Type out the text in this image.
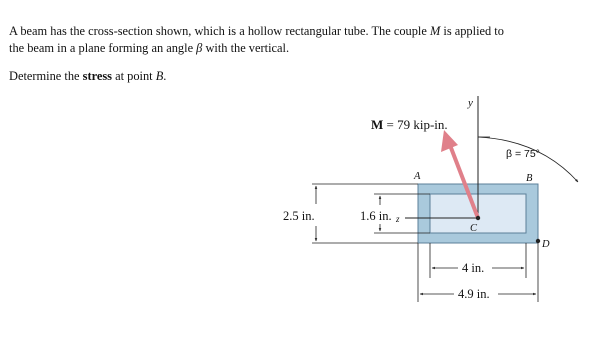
A beam has the cross-section shown, which is a hollow rectangular tube. The couple M is applied to
the beam in a plane forming an angle β with the vertical.

Determine the stress at point B.

M = 79 kip-in.
y
z
β = 75°
A	B
C
D
2.5 in.	1.6 in.
4 in.
4.9 in.
